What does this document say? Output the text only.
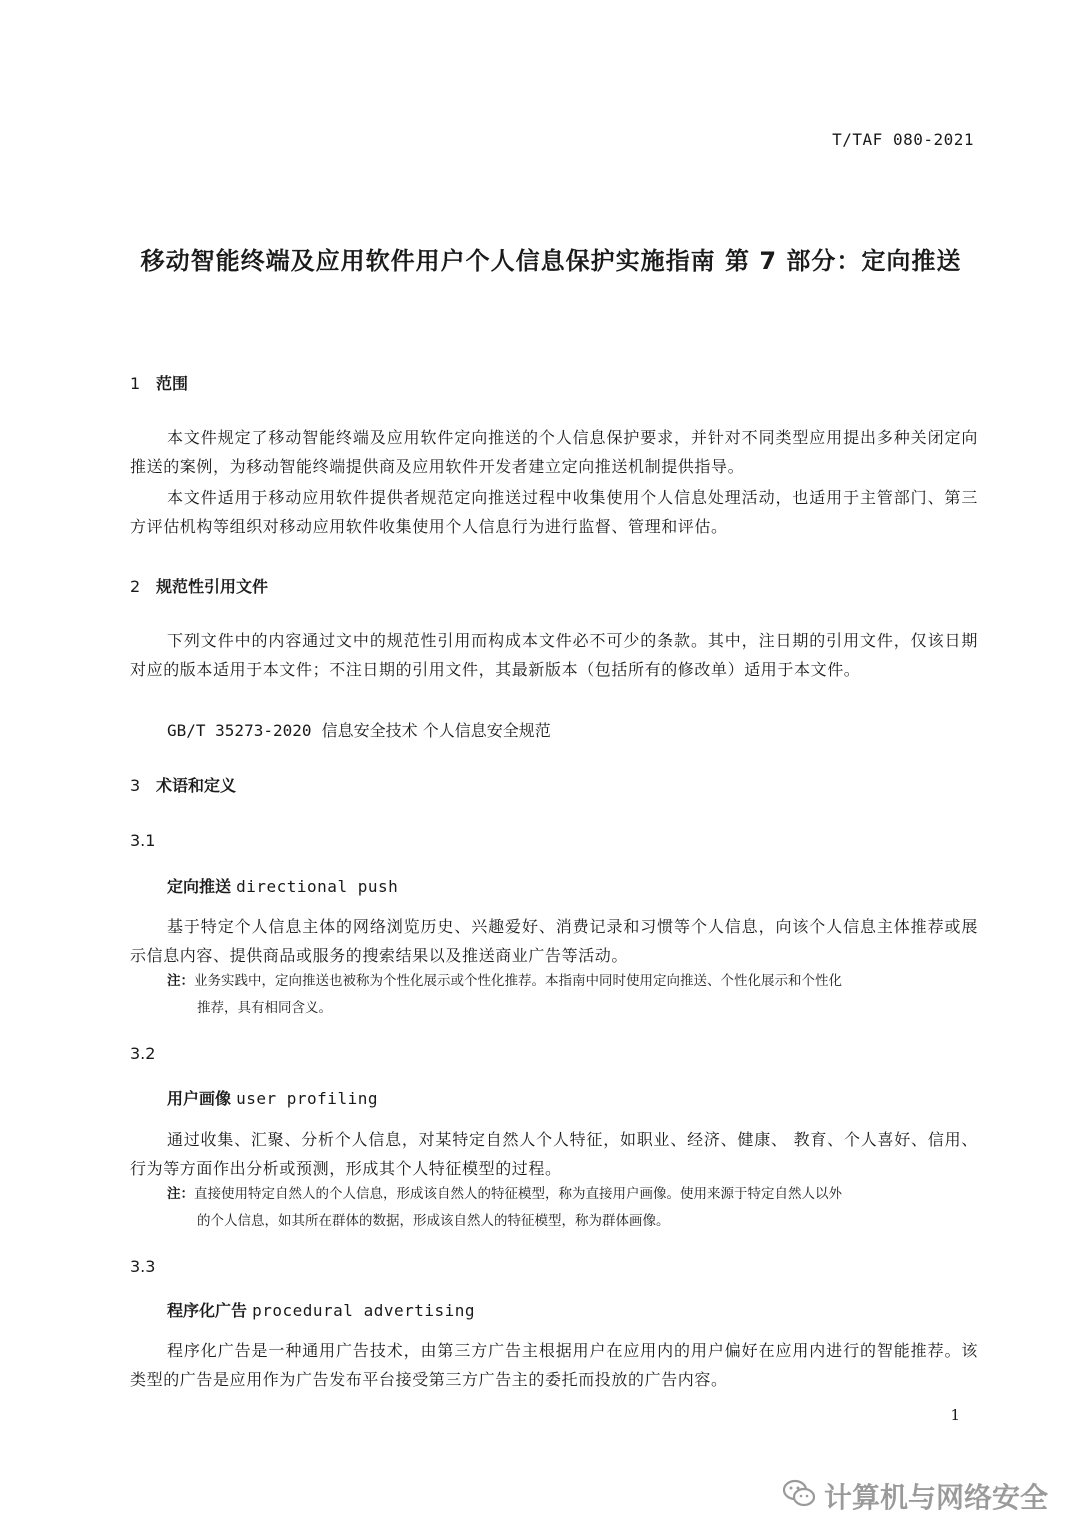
T/TAF 080-2021
移动智能终端及应用软件用户个人信息保护实施指南 第 7 部分：定向推送
1 范围
本文件规定了移动智能终端及应用软件定向推送的个人信息保护要求，并针对不同类型应用提出多种关闭定向推送的案例，为移动智能终端提供商及应用软件开发者建立定向推送机制提供指导。
本文件适用于移动应用软件提供者规范定向推送过程中收集使用个人信息处理活动，也适用于主管部门、第三方评估机构等组织对移动应用软件收集使用个人信息行为进行监督、管理和评估。
2 规范性引用文件
下列文件中的内容通过文中的规范性引用而构成本文件必不可少的条款。其中，注日期的引用文件，仅该日期对应的版本适用于本文件；不注日期的引用文件，其最新版本（包括所有的修改单）适用于本文件。
GB/T 35273-2020 信息安全技术 个人信息安全规范
3 术语和定义
3.1
定向推送 directional push
基于特定个人信息主体的网络浏览历史、兴趣爱好、消费记录和习惯等个人信息，向该个人信息主体推荐或展示信息内容、提供商品或服务的搜索结果以及推送商业广告等活动。
注：业务实践中，定向推送也被称为个性化展示或个性化推荐。本指南中同时使用定向推送、个性化展示和个性化
推荐，具有相同含义。
3.2
用户画像 user profiling
通过收集、汇聚、分析个人信息，对某特定自然人个人特征，如职业、经济、健康、 教育、个人喜好、信用、行为等方面作出分析或预测，形成其个人特征模型的过程。
注：直接使用特定自然人的个人信息，形成该自然人的特征模型，称为直接用户画像。使用来源于特定自然人以外
的个人信息，如其所在群体的数据，形成该自然人的特征模型，称为群体画像。
3.3
程序化广告 procedural advertising
程序化广告是一种通用广告技术，由第三方广告主根据用户在应用内的用户偏好在应用内进行的智能推荐。该类型的广告是应用作为广告发布平台接受第三方广告主的委托而投放的广告内容。
1
计算机与网络安全
